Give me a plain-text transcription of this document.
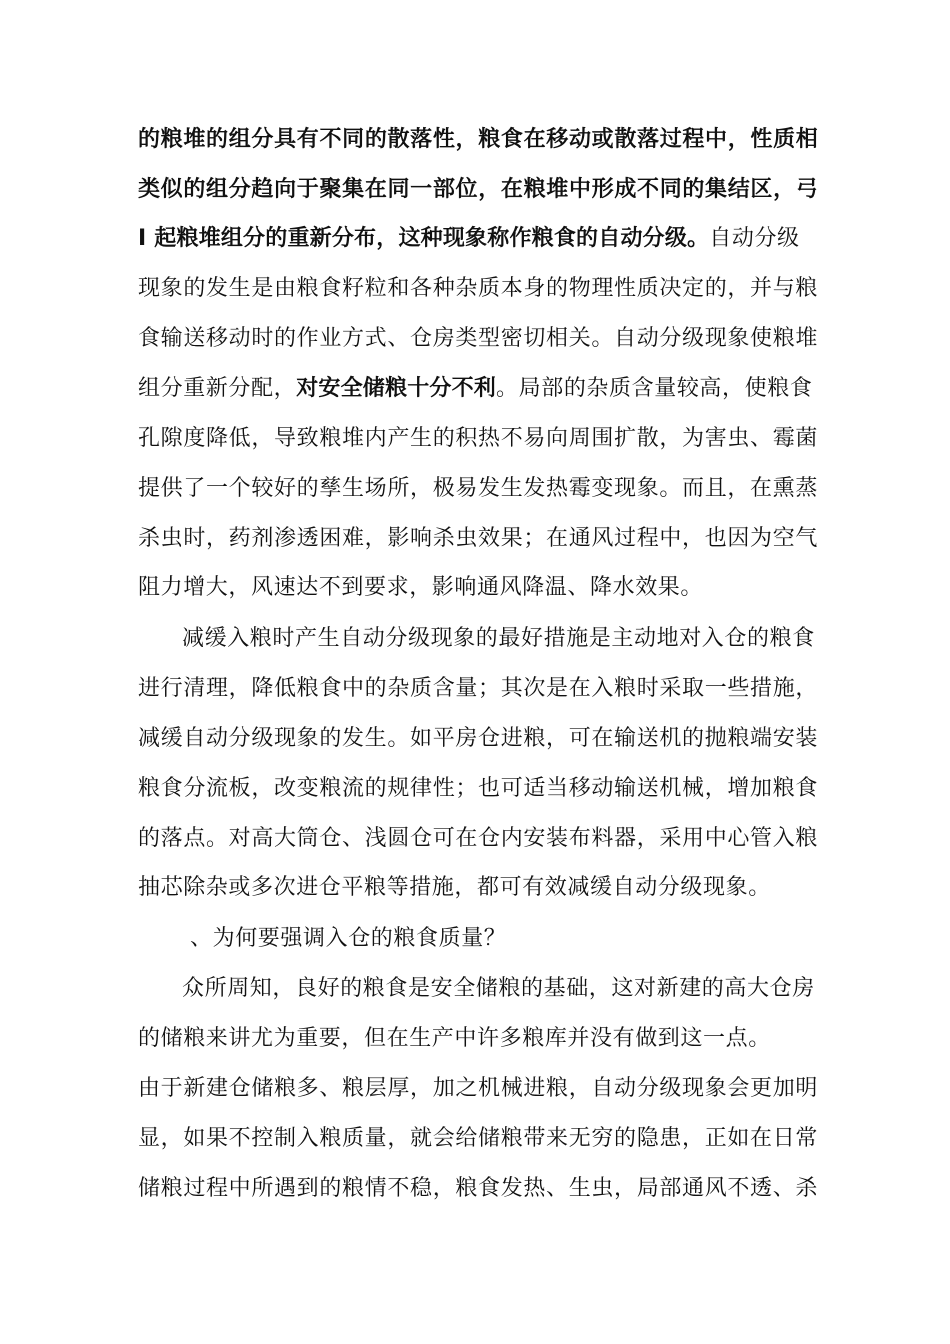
的粮堆的组分具有不同的散落性，粮食在移动或散落过程中，性质相
类似的组分趋向于聚集在同一部位，在粮堆中形成不同的集结区，弓
I 起粮堆组分的重新分布，这种现象称作粮食的自动分级。自动分级
现象的发生是由粮食籽粒和各种杂质本身的物理性质决定的，并与粮
食输送移动时的作业方式、仓房类型密切相关。自动分级现象使粮堆
组分重新分配，对安全储粮十分不利。局部的杂质含量较高，使粮食
孔隙度降低，导致粮堆内产生的积热不易向周围扩散，为害虫、霉菌
提供了一个较好的孳生场所，极易发生发热霉变现象。而且，在熏蒸
杀虫时，药剂渗透困难，影响杀虫效果；在通风过程中，也因为空气
阻力增大，风速达不到要求，影响通风降温、降水效果。
减缓入粮时产生自动分级现象的最好措施是主动地对入仓的粮食
进行清理，降低粮食中的杂质含量；其次是在入粮时采取一些措施，
减缓自动分级现象的发生。如平房仓进粮，可在输送机的抛粮端安装
粮食分流板，改变粮流的规律性；也可适当移动输送机械，增加粮食
的落点。对高大筒仓、浅圆仓可在仓内安装布料器，采用中心管入粮
抽芯除杂或多次进仓平粮等措施，都可有效减缓自动分级现象。
、为何要强调入仓的粮食质量？
众所周知，良好的粮食是安全储粮的基础，这对新建的高大仓房
的储粮来讲尤为重要，但在生产中许多粮库并没有做到这一点。
由于新建仓储粮多、粮层厚，加之机械进粮，自动分级现象会更加明
显，如果不控制入粮质量，就会给储粮带来无穷的隐患，正如在日常
储粮过程中所遇到的粮情不稳，粮食发热、生虫，局部通风不透、杀
